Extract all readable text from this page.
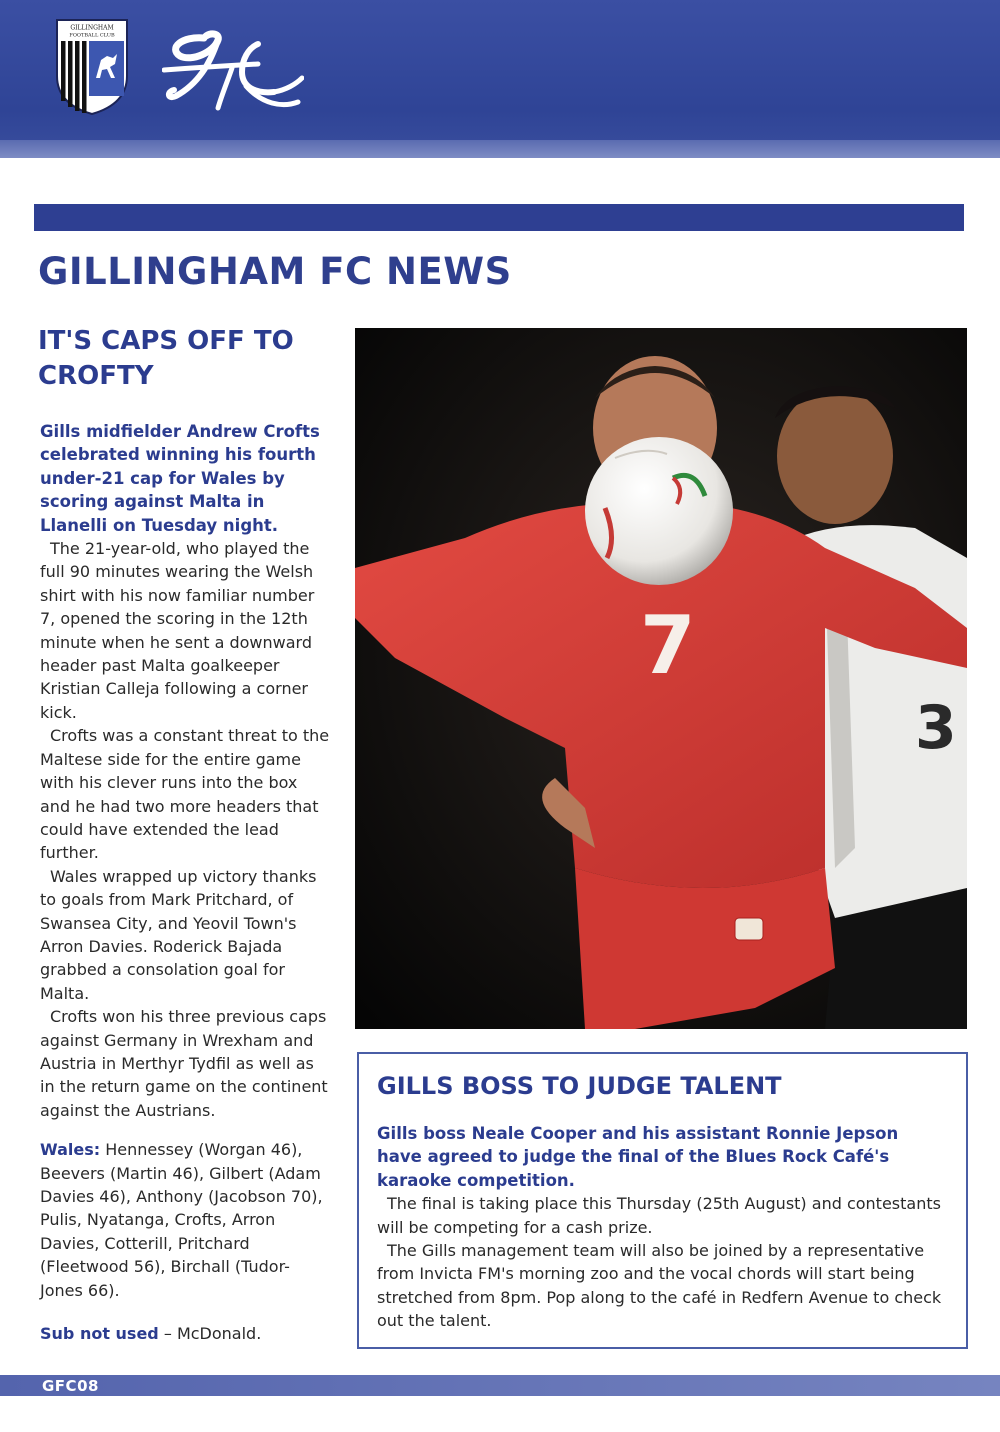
GILLINGHAM
FOOTBALL CLUB
GILLINGHAM FC NEWS
IT'S CAPS OFF TO CROFTY

Gills midfielder Andrew Crofts celebrated winning his fourth under-21 cap for Wales by scoring against Malta in Llanelli on Tuesday night.

The 21-year-old, who played the full 90 minutes wearing the Welsh shirt with his now familiar number 7, opened the scoring in the 12th minute when he sent a downward header past Malta goalkeeper Kristian Calleja following a corner kick.

Crofts was a constant threat to the Maltese side for the entire game with his clever runs into the box and he had two more headers that could have extended the lead further.

Wales wrapped up victory thanks to goals from Mark Pritchard, of Swansea City, and Yeovil Town's Arron Davies. Roderick Bajada grabbed a consolation goal for Malta.

Crofts won his three previous caps against Germany in Wrexham and Austria in Merthyr Tydfil as well as in the return game on the continent against the Austrians.

Wales: Hennessey (Worgan 46), Beevers (Martin 46), Gilbert (Adam Davies 46), Anthony (Jacobson 70), Pulis, Nyatanga, Crofts, Arron Davies, Cotterill, Pritchard (Fleetwood 56), Birchall (Tudor-Jones 66).

Sub not used – McDonald.

3
7
GILLS BOSS TO JUDGE TALENT

Gills boss Neale Cooper and his assistant Ronnie Jepson have agreed to judge the final of the Blues Rock Café's karaoke competition.

The final is taking place this Thursday (25th August) and contestants will be competing for a cash prize.

The Gills management team will also be joined by a representative from Invicta FM's morning zoo and the vocal chords will start being stretched from 8pm. Pop along to the café in Redfern Avenue to check out the talent.

GFC08
